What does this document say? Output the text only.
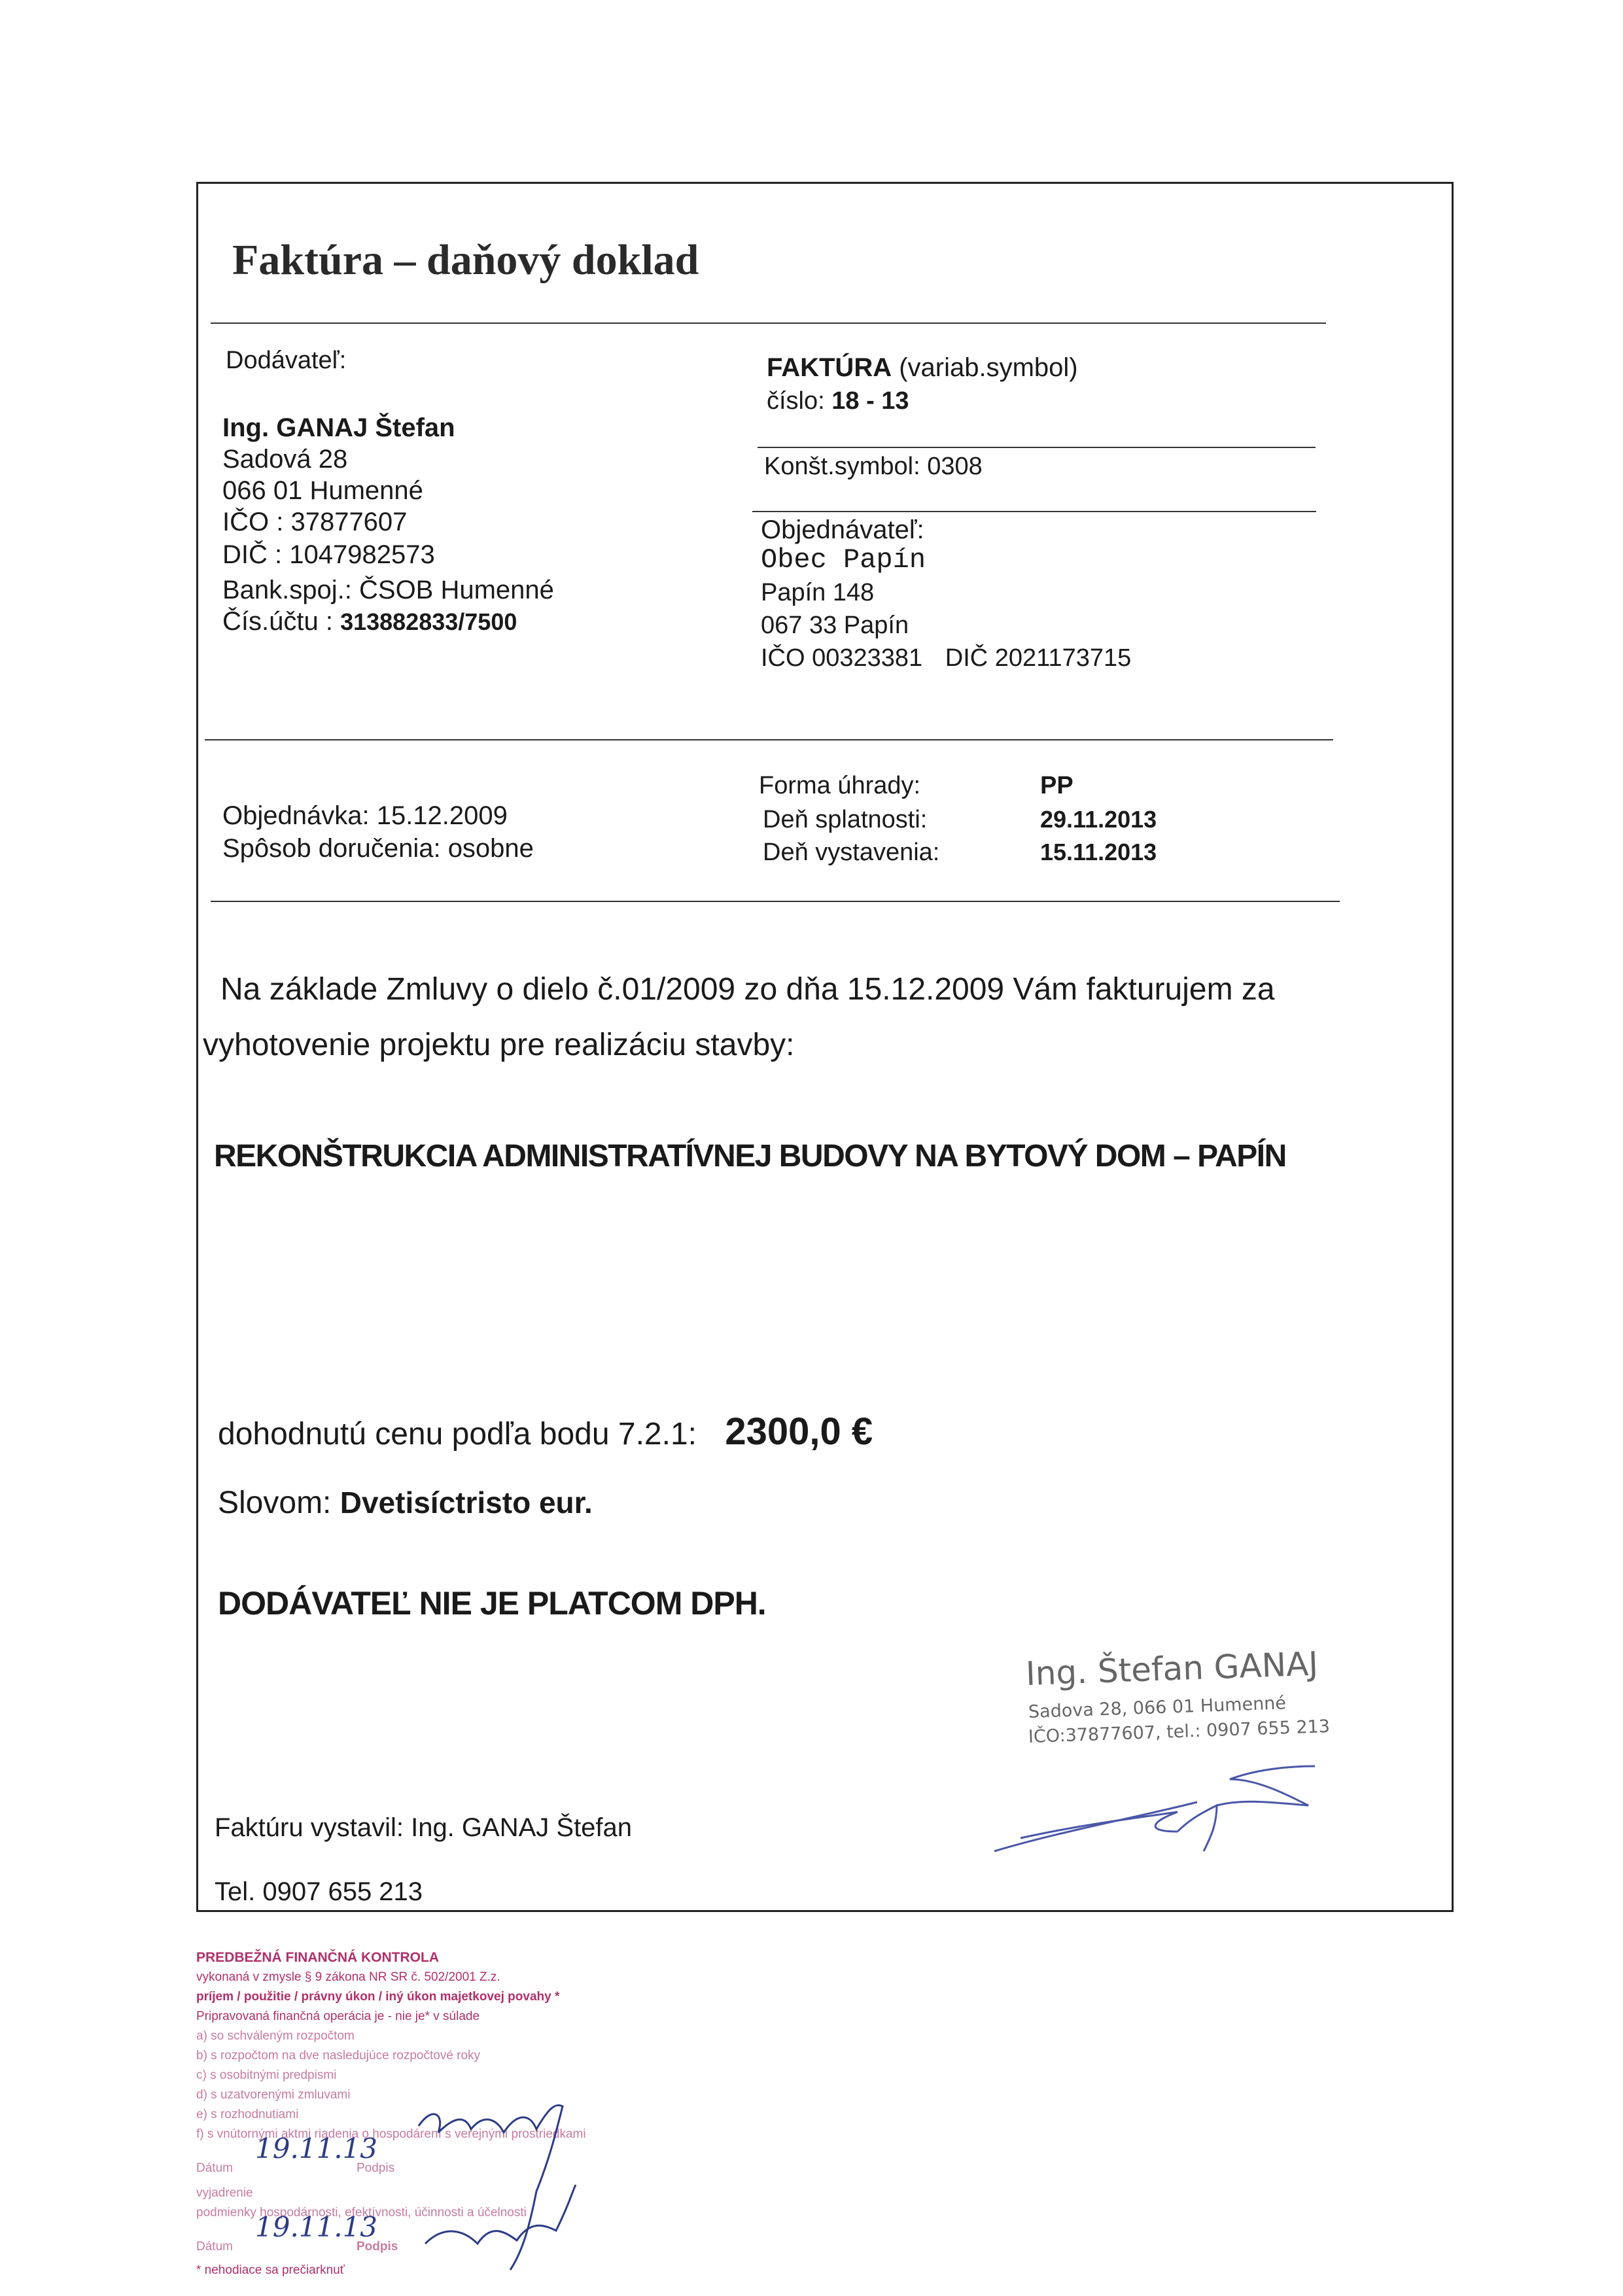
Faktúra – daňový doklad
Dodávateľ:
Ing. GANAJ Štefan
Sadová 28
066 01 Humenné
IČO : 37877607
DIČ : 1047982573
Bank.spoj.: ČSOB Humenné
Čís.účtu : 313882833/7500
FAKTÚRA (variab.symbol)
číslo: 18 - 13
Konšt.symbol: 0308
Objednávateľ:
Obec Papín
Papín 148
067 33 Papín
IČO 00323381 DIČ 2021173715
Objednávka: 15.12.2009
Spôsob doručenia: osobne
Forma úhrady:	PP
Deň splatnosti:	29.11.2013
Deň vystavenia:	15.11.2013
Na základe Zmluvy o dielo č.01/2009 zo dňa 15.12.2009 Vám fakturujem za
vyhotovenie projektu pre realizáciu stavby:
REKONŠTRUKCIA ADMINISTRATÍVNEJ BUDOVY NA BYTOVÝ DOM – PAPÍN
dohodnutú cenu podľa bodu 7.2.1: 2300,0 €
Slovom: Dvetisíctristo eur.
DODÁVATEĽ NIE JE PLATCOM DPH.
Ing. Štefan GANAJ
Sadova 28, 066 01 Humenné
IČO:37877607, tel.: 0907 655 213
Faktúru vystavil: Ing. GANAJ Štefan
Tel. 0907 655 213
PREDBEŽNÁ FINANČNÁ KONTROLA
vykonaná v zmysle § 9 zákona NR SR č. 502/2001 Z.z.
príjem / použitie / právny úkon / iný úkon majetkovej povahy *
Pripravovaná finančná operácia je - nie je* v súlade
a) so schváleným rozpočtom
b) s rozpočtom na dve nasledujúce rozpočtové roky
c) s osobitnými predpismi
d) s uzatvorenými zmluvami
e) s rozhodnutiami
f) s vnútornými aktmi riadenia o hospodárení s verejnými prostriedkami
Dátum
19.11.13
Podpis
vyjadrenie
podmienky hospodárnosti, efektívnosti, účinnosti a účelnosti
Dátum
19.11.13
Podpis
* nehodiace sa prečiarknuť
